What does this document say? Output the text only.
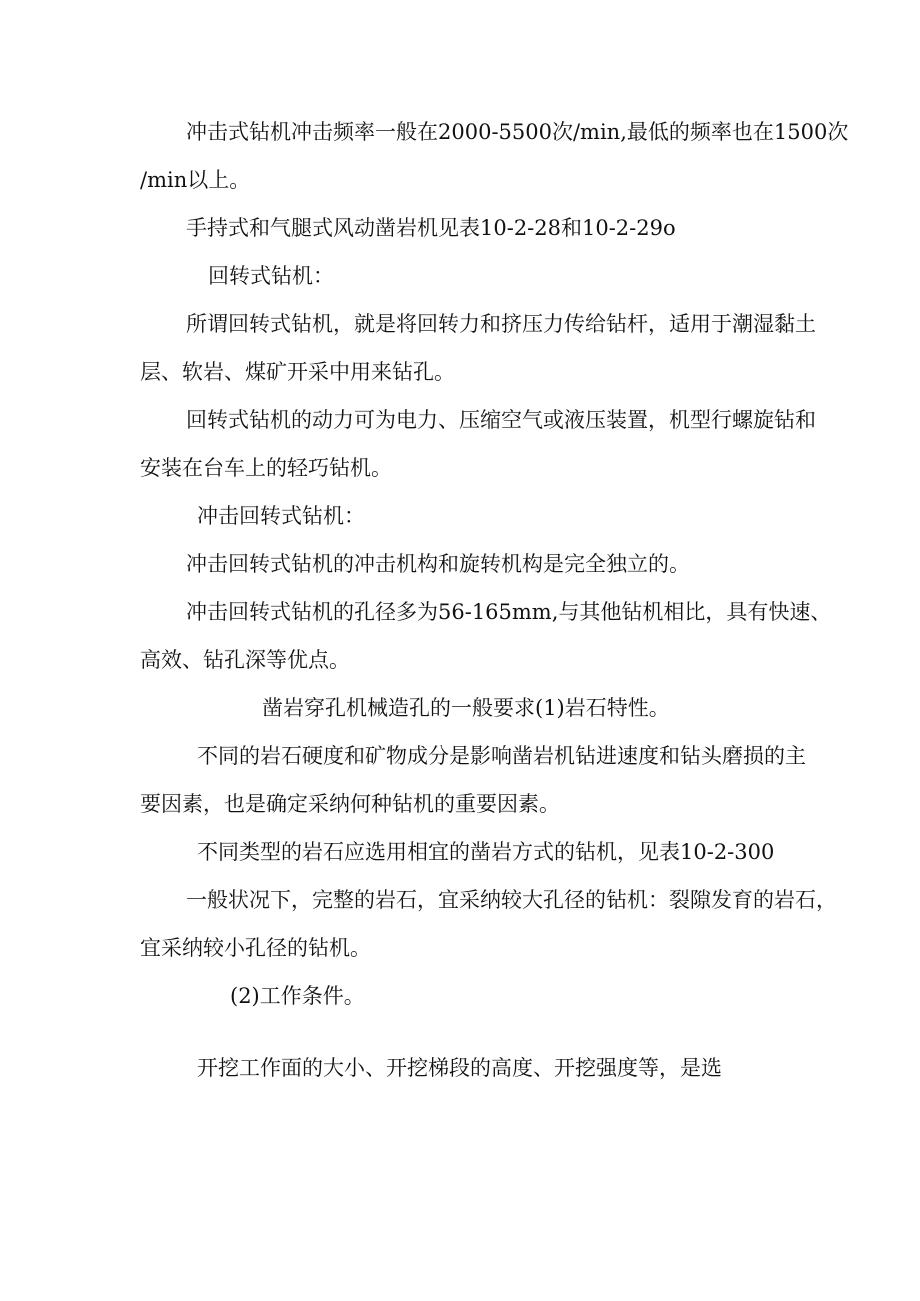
冲击式钻机冲击频率一般在2000-5500次/min,最低的频率也在1500次
/min以上。
手持式和气腿式风动凿岩机见表10-2-28和10-2-29o
回转式钻机：
所谓回转式钻机，就是将回转力和挤压力传给钻杆，适用于潮湿黏土
层、软岩、煤矿开采中用来钻孔。
回转式钻机的动力可为电力、压缩空气或液压装置，机型行螺旋钻和
安装在台车上的轻巧钻机。
冲击回转式钻机：
冲击回转式钻机的冲击机构和旋转机构是完全独立的。
冲击回转式钻机的孔径多为56-165mm,与其他钻机相比，具有快速、
高效、钻孔深等优点。
凿岩穿孔机械造孔的一般要求(1)岩石特性。
不同的岩石硬度和矿物成分是影响凿岩机钻进速度和钻头磨损的主
要因素，也是确定采纳何种钻机的重要因素。
不同类型的岩石应选用相宜的凿岩方式的钻机，见表10-2-300
一般状况下，完整的岩石，宜采纳较大孔径的钻机：裂隙发育的岩石，
宜采纳较小孔径的钻机。
(2)工作条件。
开挖工作面的大小、开挖梯段的高度、开挖强度等，是选
